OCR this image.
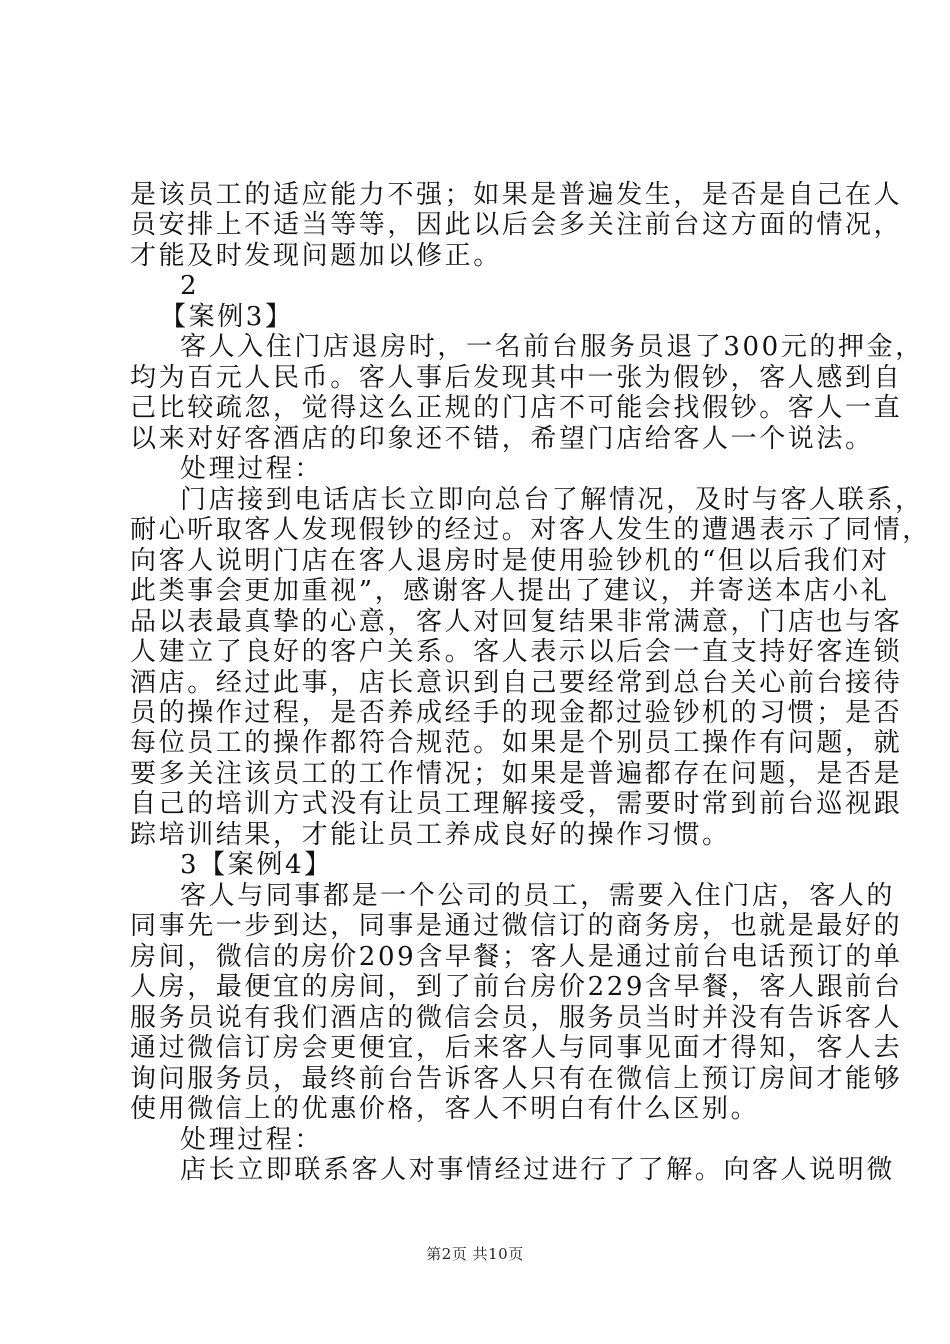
是该员工的适应能力不强；如果是普遍发生，是否是自己在人
员安排上不适当等等，因此以后会多关注前台这方面的情况，
才能及时发现问题加以修正。
2
【案例3】
客人入住门店退房时，一名前台服务员退了300元的押金，
均为百元人民币。客人事后发现其中一张为假钞，客人感到自
己比较疏忽，觉得这么正规的门店不可能会找假钞。客人一直
以来对好客酒店的印象还不错，希望门店给客人一个说法。
处理过程：
门店接到电话店长立即向总台了解情况，及时与客人联系，
耐心听取客人发现假钞的经过。对客人发生的遭遇表示了同情，
向客人说明门店在客人退房时是使用验钞机的“但以后我们对
此类事会更加重视”，感谢客人提出了建议，并寄送本店小礼
品以表最真挚的心意，客人对回复结果非常满意，门店也与客
人建立了良好的客户关系。客人表示以后会一直支持好客连锁
酒店。经过此事，店长意识到自己要经常到总台关心前台接待
员的操作过程，是否养成经手的现金都过验钞机的习惯；是否
每位员工的操作都符合规范。如果是个别员工操作有问题，就
要多关注该员工的工作情况；如果是普遍都存在问题，是否是
自己的培训方式没有让员工理解接受，需要时常到前台巡视跟
踪培训结果，才能让员工养成良好的操作习惯。
3【案例4】
客人与同事都是一个公司的员工，需要入住门店，客人的
同事先一步到达，同事是通过微信订的商务房，也就是最好的
房间，微信的房价209含早餐；客人是通过前台电话预订的单
人房，最便宜的房间，到了前台房价229含早餐，客人跟前台
服务员说有我们酒店的微信会员，服务员当时并没有告诉客人
通过微信订房会更便宜，后来客人与同事见面才得知，客人去
询问服务员，最终前台告诉客人只有在微信上预订房间才能够
使用微信上的优惠价格，客人不明白有什么区别。
处理过程：
店长立即联系客人对事情经过进行了了解。向客人说明微
第2页 共10页
